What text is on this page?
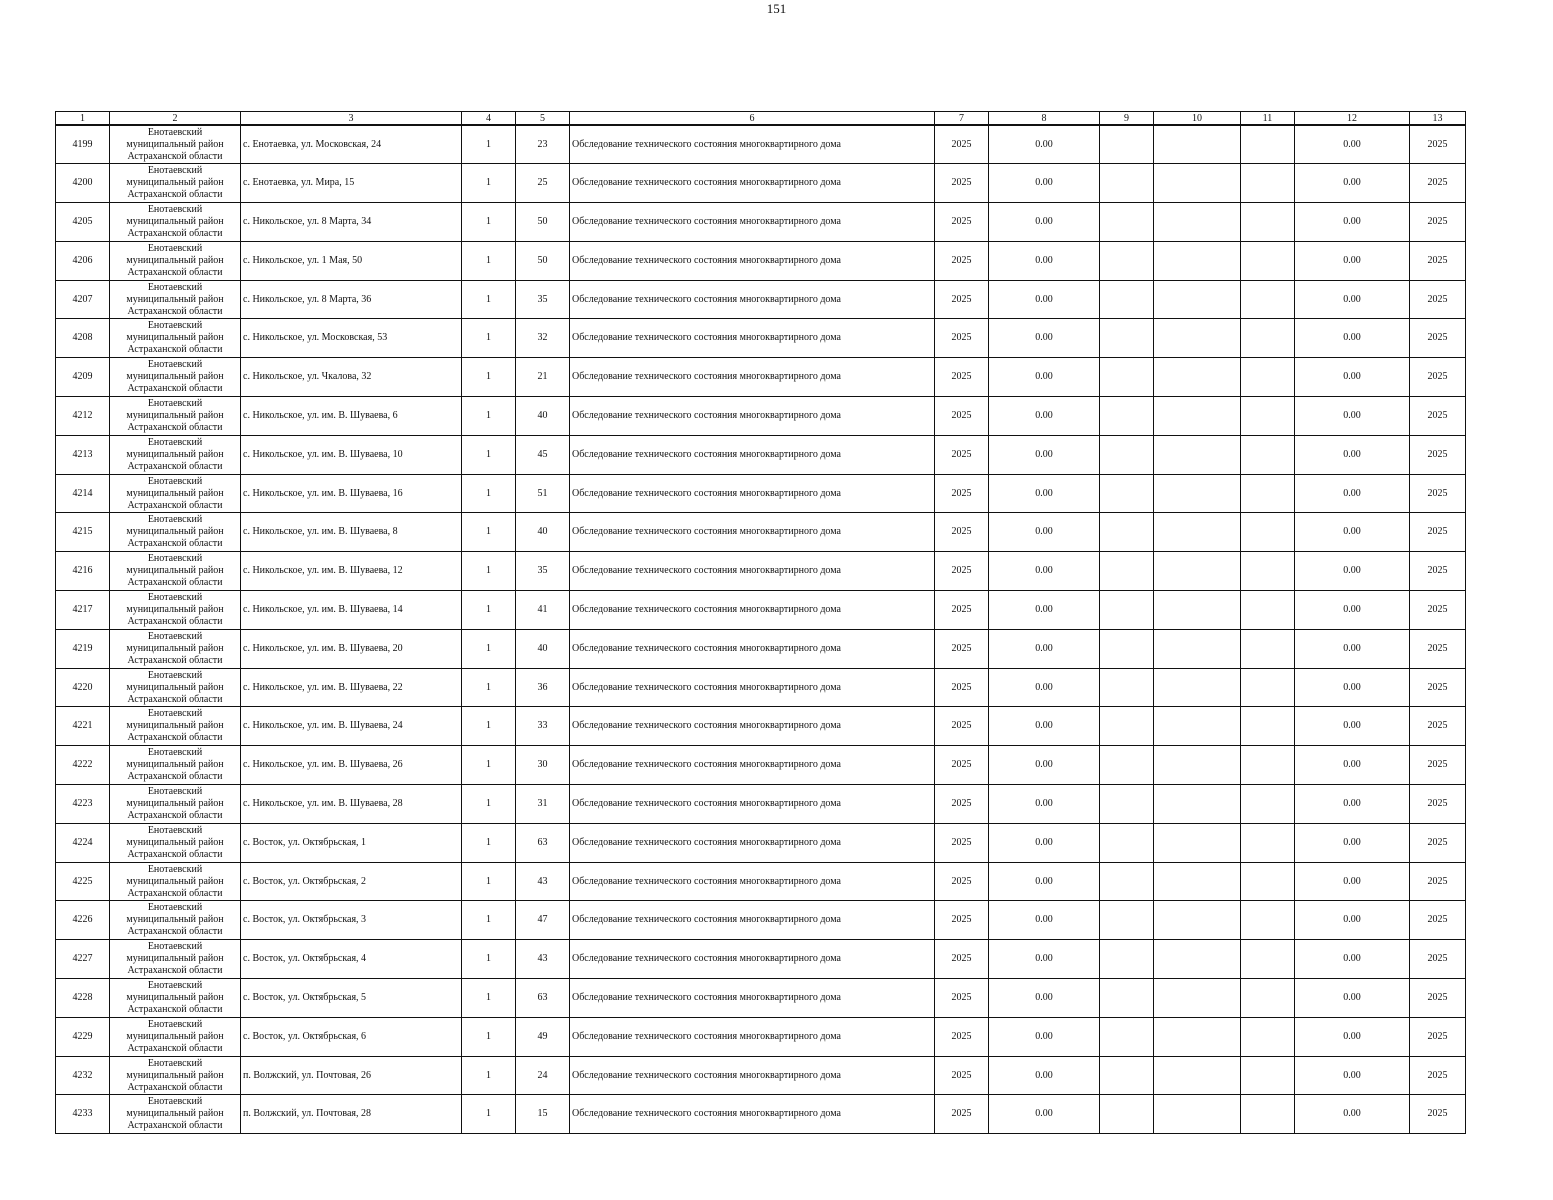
151
1	2	3	4	5	6	7	8	9	10	11	12	13
4199	Енотаевский
муниципальный район
Астраханской области	с. Енотаевка, ул. Московская, 24	1	23	Обследование технического состояния многоквартирного дома	2025	0.00				0.00	2025
4200	Енотаевский
муниципальный район
Астраханской области	с. Енотаевка, ул. Мира, 15	1	25	Обследование технического состояния многоквартирного дома	2025	0.00				0.00	2025
4205	Енотаевский
муниципальный район
Астраханской области	с. Никольское, ул. 8 Марта, 34	1	50	Обследование технического состояния многоквартирного дома	2025	0.00				0.00	2025
4206	Енотаевский
муниципальный район
Астраханской области	с. Никольское, ул. 1 Мая, 50	1	50	Обследование технического состояния многоквартирного дома	2025	0.00				0.00	2025
4207	Енотаевский
муниципальный район
Астраханской области	с. Никольское, ул. 8 Марта, 36	1	35	Обследование технического состояния многоквартирного дома	2025	0.00				0.00	2025
4208	Енотаевский
муниципальный район
Астраханской области	с. Никольское, ул. Московская, 53	1	32	Обследование технического состояния многоквартирного дома	2025	0.00				0.00	2025
4209	Енотаевский
муниципальный район
Астраханской области	с. Никольское, ул. Чкалова, 32	1	21	Обследование технического состояния многоквартирного дома	2025	0.00				0.00	2025
4212	Енотаевский
муниципальный район
Астраханской области	с. Никольское, ул. им. В. Шуваева, 6	1	40	Обследование технического состояния многоквартирного дома	2025	0.00				0.00	2025
4213	Енотаевский
муниципальный район
Астраханской области	с. Никольское, ул. им. В. Шуваева, 10	1	45	Обследование технического состояния многоквартирного дома	2025	0.00				0.00	2025
4214	Енотаевский
муниципальный район
Астраханской области	с. Никольское, ул. им. В. Шуваева, 16	1	51	Обследование технического состояния многоквартирного дома	2025	0.00				0.00	2025
4215	Енотаевский
муниципальный район
Астраханской области	с. Никольское, ул. им. В. Шуваева, 8	1	40	Обследование технического состояния многоквартирного дома	2025	0.00				0.00	2025
4216	Енотаевский
муниципальный район
Астраханской области	с. Никольское, ул. им. В. Шуваева, 12	1	35	Обследование технического состояния многоквартирного дома	2025	0.00				0.00	2025
4217	Енотаевский
муниципальный район
Астраханской области	с. Никольское, ул. им. В. Шуваева, 14	1	41	Обследование технического состояния многоквартирного дома	2025	0.00				0.00	2025
4219	Енотаевский
муниципальный район
Астраханской области	с. Никольское, ул. им. В. Шуваева, 20	1	40	Обследование технического состояния многоквартирного дома	2025	0.00				0.00	2025
4220	Енотаевский
муниципальный район
Астраханской области	с. Никольское, ул. им. В. Шуваева, 22	1	36	Обследование технического состояния многоквартирного дома	2025	0.00				0.00	2025
4221	Енотаевский
муниципальный район
Астраханской области	с. Никольское, ул. им. В. Шуваева, 24	1	33	Обследование технического состояния многоквартирного дома	2025	0.00				0.00	2025
4222	Енотаевский
муниципальный район
Астраханской области	с. Никольское, ул. им. В. Шуваева, 26	1	30	Обследование технического состояния многоквартирного дома	2025	0.00				0.00	2025
4223	Енотаевский
муниципальный район
Астраханской области	с. Никольское, ул. им. В. Шуваева, 28	1	31	Обследование технического состояния многоквартирного дома	2025	0.00				0.00	2025
4224	Енотаевский
муниципальный район
Астраханской области	с. Восток, ул. Октябрьская, 1	1	63	Обследование технического состояния многоквартирного дома	2025	0.00				0.00	2025
4225	Енотаевский
муниципальный район
Астраханской области	с. Восток, ул. Октябрьская, 2	1	43	Обследование технического состояния многоквартирного дома	2025	0.00				0.00	2025
4226	Енотаевский
муниципальный район
Астраханской области	с. Восток, ул. Октябрьская, 3	1	47	Обследование технического состояния многоквартирного дома	2025	0.00				0.00	2025
4227	Енотаевский
муниципальный район
Астраханской области	с. Восток, ул. Октябрьская, 4	1	43	Обследование технического состояния многоквартирного дома	2025	0.00				0.00	2025
4228	Енотаевский
муниципальный район
Астраханской области	с. Восток, ул. Октябрьская, 5	1	63	Обследование технического состояния многоквартирного дома	2025	0.00				0.00	2025
4229	Енотаевский
муниципальный район
Астраханской области	с. Восток, ул. Октябрьская, 6	1	49	Обследование технического состояния многоквартирного дома	2025	0.00				0.00	2025
4232	Енотаевский
муниципальный район
Астраханской области	п. Волжский, ул. Почтовая, 26	1	24	Обследование технического состояния многоквартирного дома	2025	0.00				0.00	2025
4233	Енотаевский
муниципальный район
Астраханской области	п. Волжский, ул. Почтовая, 28	1	15	Обследование технического состояния многоквартирного дома	2025	0.00				0.00	2025
